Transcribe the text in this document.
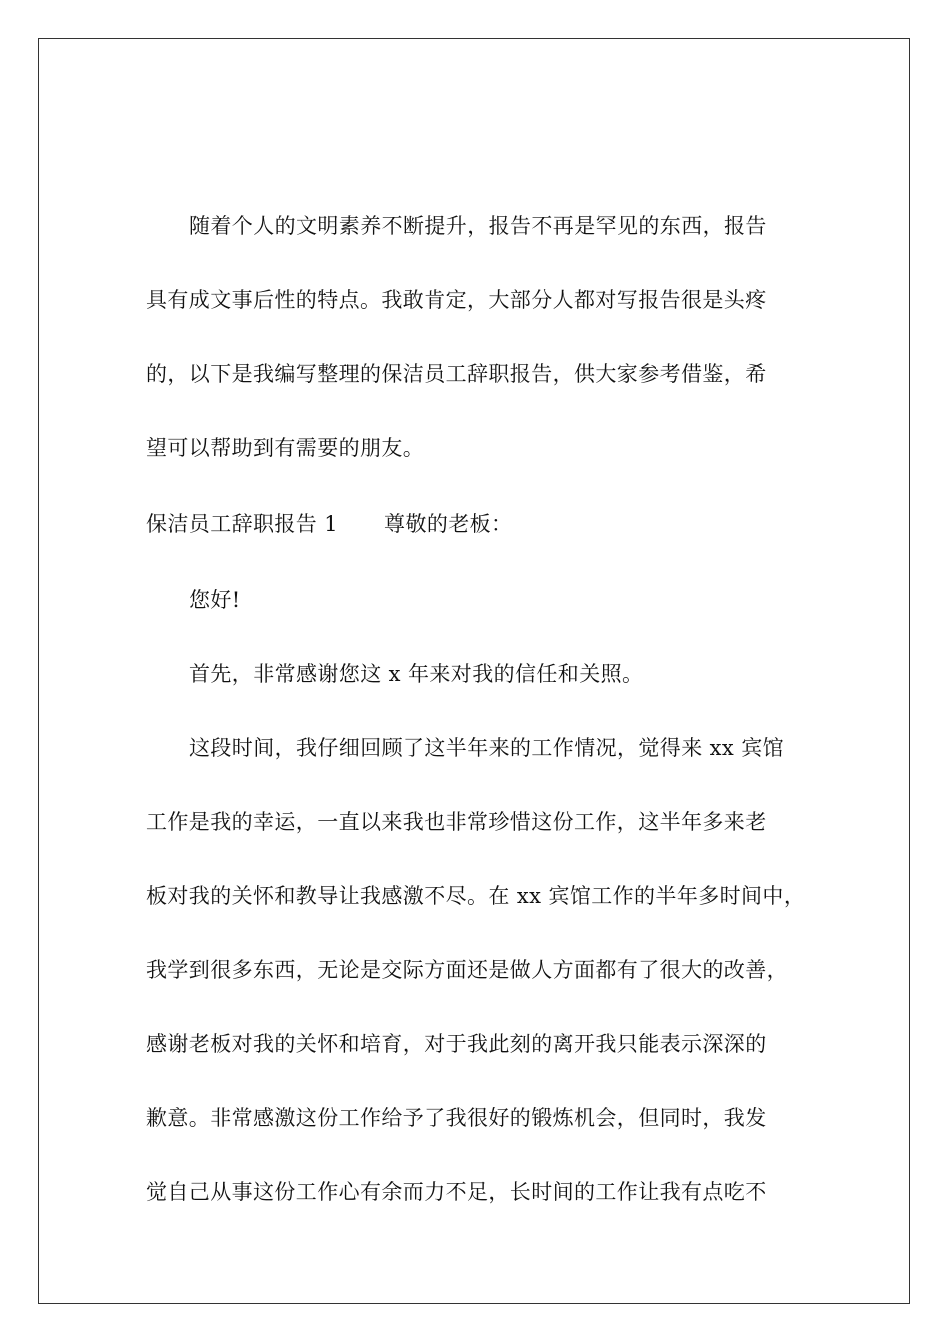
随着个人的文明素养不断提升，报告不再是罕见的东西，报告
具有成文事后性的特点。我敢肯定，大部分人都对写报告很是头疼
的，以下是我编写整理的保洁员工辞职报告，供大家参考借鉴，希
望可以帮助到有需要的朋友。
保洁员工辞职报告 1 尊敬的老板：
您好!
首先，非常感谢您这 x 年来对我的信任和关照。
这段时间，我仔细回顾了这半年来的工作情况，觉得来 xx 宾馆
工作是我的幸运，一直以来我也非常珍惜这份工作，这半年多来老
板对我的关怀和教导让我感激不尽。在 xx 宾馆工作的半年多时间中，
我学到很多东西，无论是交际方面还是做人方面都有了很大的改善，
感谢老板对我的关怀和培育，对于我此刻的离开我只能表示深深的
歉意。非常感激这份工作给予了我很好的锻炼机会，但同时，我发
觉自己从事这份工作心有余而力不足，长时间的工作让我有点吃不
